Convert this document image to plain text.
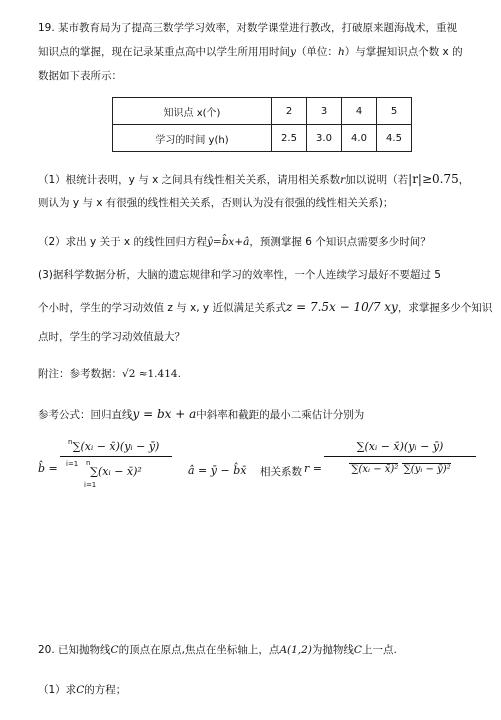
19. 某市教育局为了提高三数学学习效率，对数学课堂进行教改，打破原来题海战术，重视
知识点的掌握，现在记录某重点高中以学生所用用时间y（单位：h）与掌握知识点个数 x 的
数据如下表所示：
知识点 x(个)	2	3	4	5
学习的时间 y(h)	2.5	3.0	4.0	4.5
（1）根统计表明，y 与 x 之间具有线性相关关系，请用相关系数r加以说明（若|r|≥0.75，
则认为 y 与 x 有很强的线性相关关系，否则认为没有很强的线性相关关系)；
（2）求出 y 关于 x 的线性回归方程ŷ=b̂x+â，预测掌握 6 个知识点需要多少时间？
(3)据科学数据分析，大脑的遗忘规律和学习的效率性，一个人连续学习最好不要超过 5
个小时，学生的学习动效值 z 与 x, y 近似满足关系式z = 7.5x − 10/7 xy，求掌握多少个知识
点时，学生的学习动效值最大？
附注：参考数据：√2 ≈1.414.
参考公式：回归直线y = bx + a中斜率和截距的最小二乘估计分别为
b̂ =
n ∑(xᵢ − x̄)(yᵢ − ȳ)
i=1 n
∑(xᵢ − x̄)²
i=1
â = ȳ − b̂x̄ 相关系数 r =
∑(xᵢ − x̄)(yᵢ − ȳ)
∑(xᵢ − x̄)² ∑(yᵢ − ȳ)²
20. 已知抛物线C的顶点在原点,焦点在坐标轴上，点A(1,2)为抛物线C上一点.
（1）求C的方程；
